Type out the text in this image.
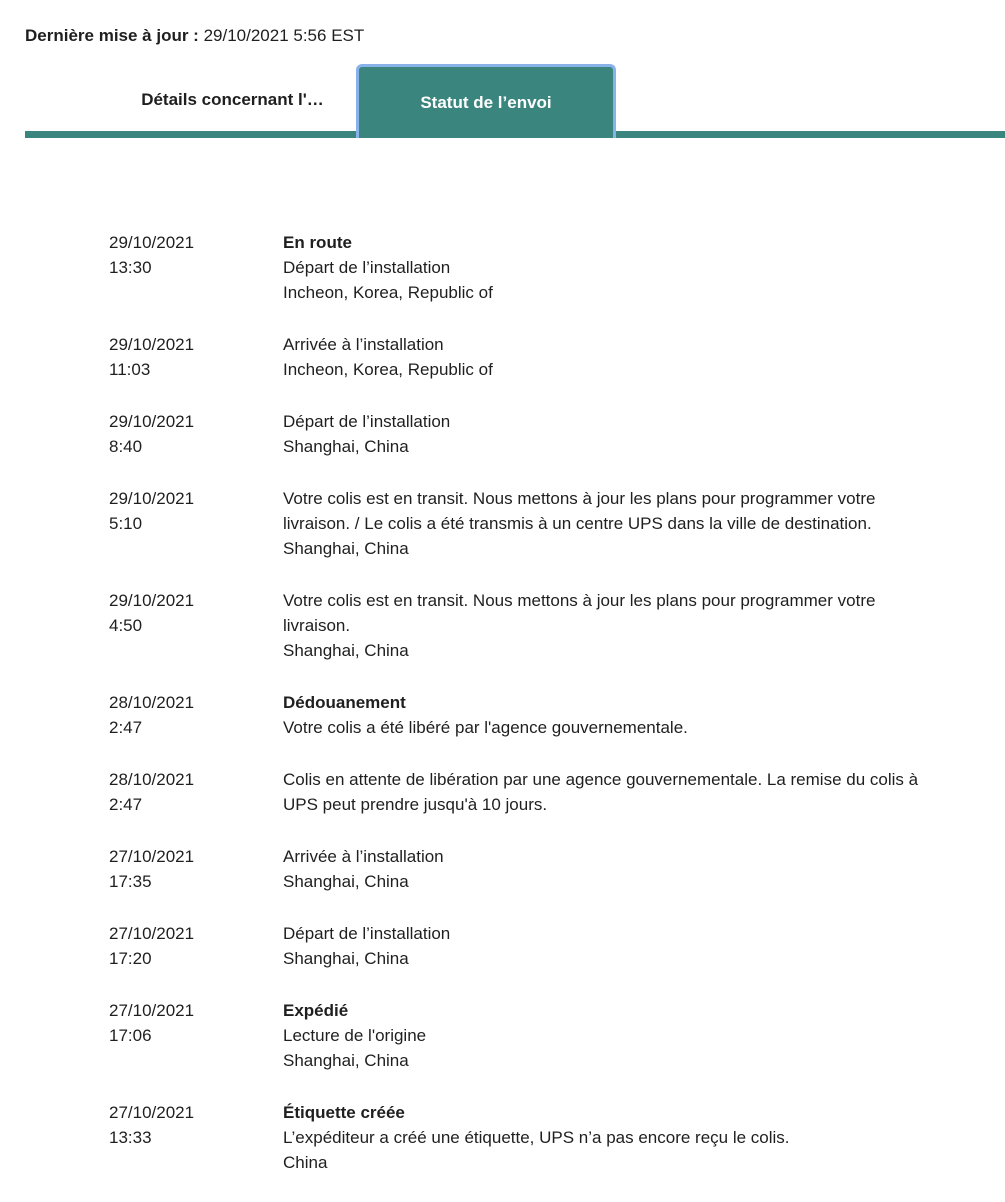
Dernière mise à jour : 29/10/2021 5:56 EST
Détails concernant l'…	Statut de l’envoi
29/10/2021
13:30
En route
Départ de l’installation
Incheon, Korea, Republic of
29/10/2021
11:03
Arrivée à l’installation
Incheon, Korea, Republic of
29/10/2021
8:40
Départ de l’installation
Shanghai, China
29/10/2021
5:10
Votre colis est en transit. Nous mettons à jour les plans pour programmer votre livraison. / Le colis a été transmis à un centre UPS dans la ville de destination.
Shanghai, China
29/10/2021
4:50
Votre colis est en transit. Nous mettons à jour les plans pour programmer votre livraison.
Shanghai, China
28/10/2021
2:47
Dédouanement
Votre colis a été libéré par l'agence gouvernementale.
28/10/2021
2:47
Colis en attente de libération par une agence gouvernementale. La remise du colis à UPS peut prendre jusqu'à 10 jours.
27/10/2021
17:35
Arrivée à l’installation
Shanghai, China
27/10/2021
17:20
Départ de l’installation
Shanghai, China
27/10/2021
17:06
Expédié
Lecture de l'origine
Shanghai, China
27/10/2021
13:33
Étiquette créée
L’expéditeur a créé une étiquette, UPS n’a pas encore reçu le colis.
China
